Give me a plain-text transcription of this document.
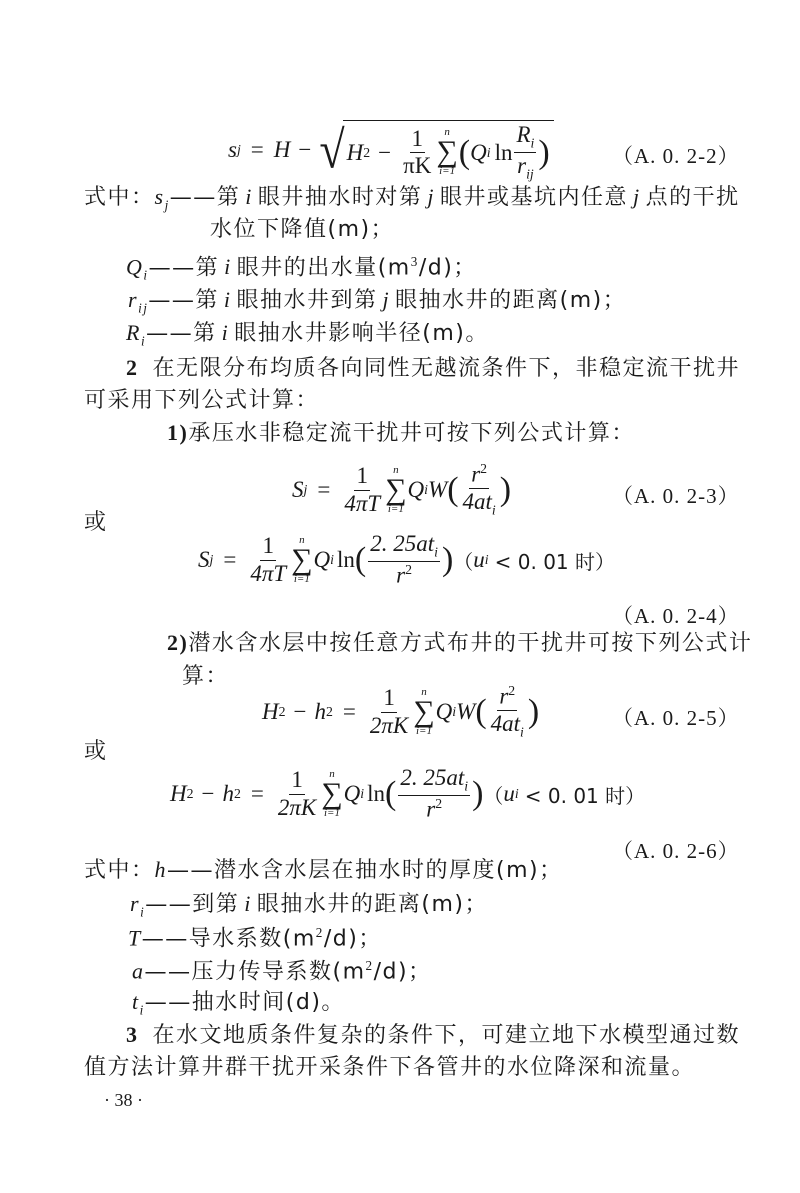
s j = H − √ H $2 - \frac{1}{\pi K}$ n
∑
i=1
( Q i $\ln \frac{R_i}{r_{ij}}$ )	（A. 0. 2-2）
式中：$s_j——$第 i 眼井抽水时对第 j 眼井或基坑内任意 j 点的干扰
水位下降值(m)；
$Q_i——$第 i 眼井的出水量$(m^3/d)$；
$r_{ij}——$第 i 眼抽水井到第 j 眼抽水井的距离(m)；
$R_i——$第 i 眼抽水井影响半径(m)。
2 在无限分布均质各向同性无越流条件下，非稳定流干扰井
可采用下列公式计算：
1)承压水非稳定流干扰井可按下列公式计算：
S $j = \frac{1}{4\pi T}$ n
∑
i=1
Q i W ( $\frac{r^2}{4at_i}$ )	（A. 0. 2-3）
或
S $j = \frac{1}{4\pi T}$ n
∑
i=1
Q i ln ( $\frac{2. 25at_i}{r^2}$ ) （ u i < 0. 01 时）
（A. 0. 2-4）
2)潜水含水层中按任意方式布井的干扰井可按下列公式计
算：
H 2 − h $2 = \frac{1}{2\pi K}$ n
∑
i=1
Q i W ( $\frac{r^2}{4at_i}$ )	（A. 0. 2-5）
或
H 2 − h $2 = \frac{1}{2\pi K}$ n
∑
i=1
Q i ln ( $\frac{2. 25at_i}{r^2}$ ) （ u i < 0. 01 时）
（A. 0. 2-6）
式中：h——潜水含水层在抽水时的厚度(m)；
$r_i——$到第 i 眼抽水井的距离(m)；
T——导水系数$(m^2/d)$；
a——压力传导系数$(m^2/d)$；
$t_i——$抽水时间(d)。
3 在水文地质条件复杂的条件下，可建立地下水模型通过数
值方法计算井群干扰开采条件下各管井的水位降深和流量。
· 38 ·
